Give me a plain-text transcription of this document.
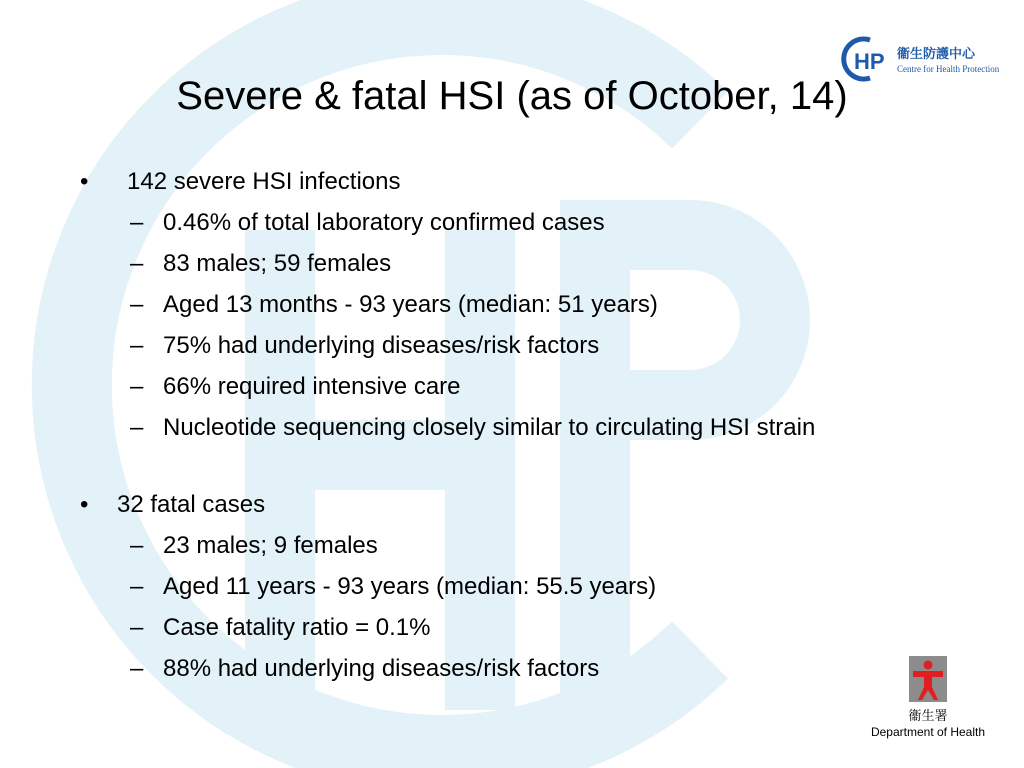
Severe & fatal HSI (as of October, 14)
HP 衞生防護中心
Centre for Health Protection
衞生署
Department of Health
• 142 severe HSI infections
– 0.46% of total laboratory confirmed cases
– 83 males; 59 females
– Aged 13 months - 93 years (median: 51 years)
– 75% had underlying diseases/risk factors
– 66% required intensive care
– Nucleotide sequencing closely similar to circulating HSI strain
• 32 fatal cases
– 23 males; 9 females
– Aged 11 years - 93 years (median: 55.5 years)
– Case fatality ratio = 0.1%
– 88% had underlying diseases/risk factors
